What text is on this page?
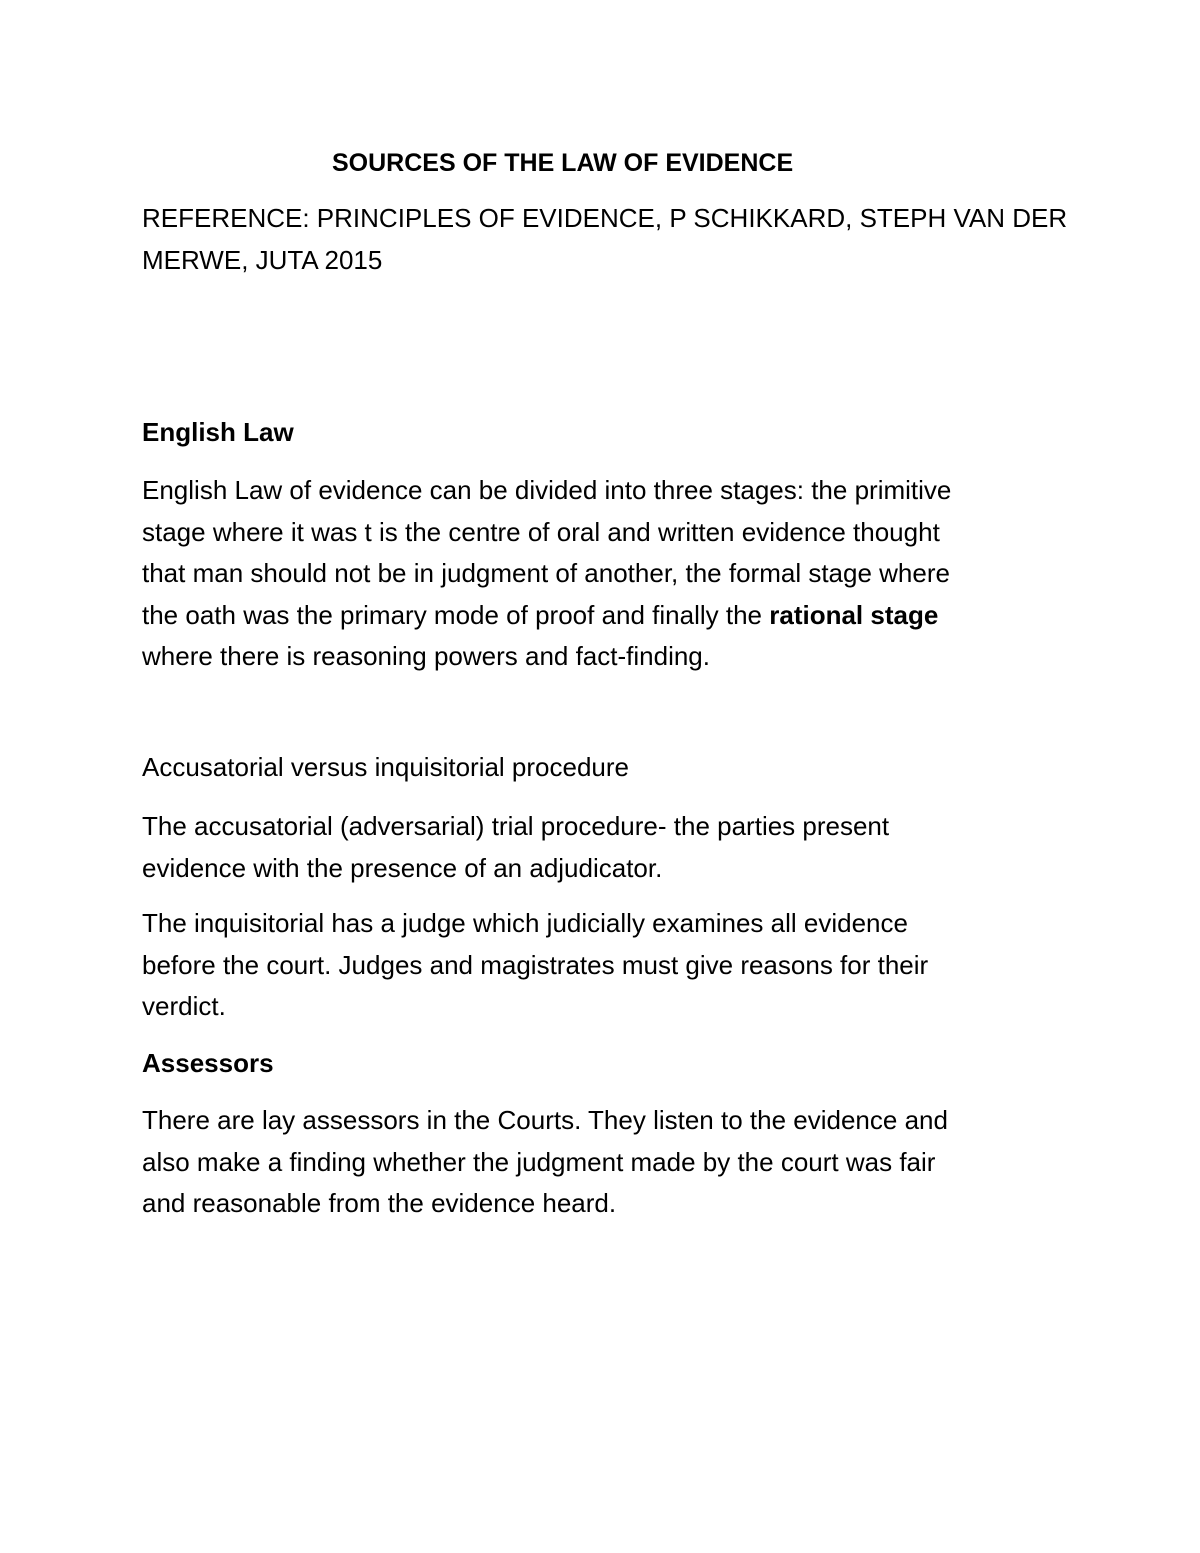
SOURCES OF THE LAW OF EVIDENCE
REFERENCE: PRINCIPLES OF EVIDENCE, P SCHIKKARD, STEPH VAN DER
MERWE, JUTA 2015
English Law
English Law of evidence can be divided into three stages: the primitive
stage where it was t is the centre of oral and written evidence thought
that man should not be in judgment of another, the formal stage where
the oath was the primary mode of proof and finally the rational stage
where there is reasoning powers and fact-finding.
Accusatorial versus inquisitorial procedure
The accusatorial (adversarial) trial procedure- the parties present
evidence with the presence of an adjudicator.
The inquisitorial has a judge which judicially examines all evidence
before the court. Judges and magistrates must give reasons for their
verdict.
Assessors
There are lay assessors in the Courts. They listen to the evidence and
also make a finding whether the judgment made by the court was fair
and reasonable from the evidence heard.
